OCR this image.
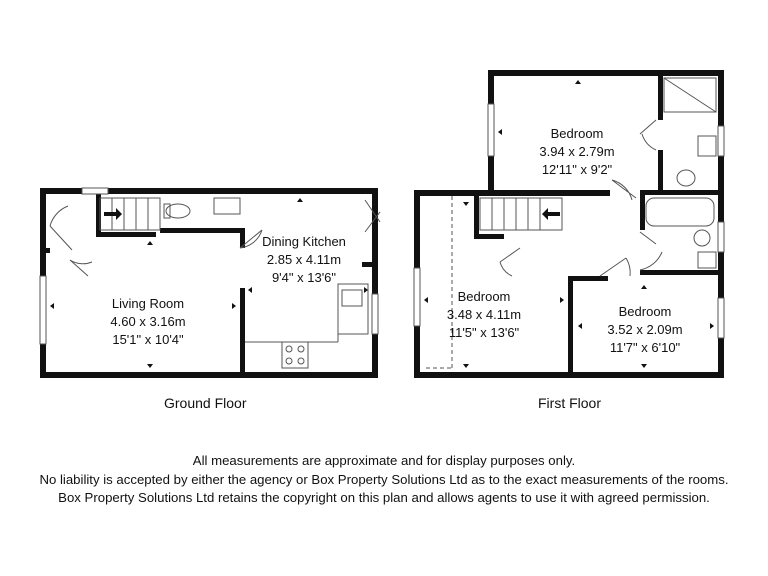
Living Room
4.60 x 3.16m
15'1" x 10'4"
Dining Kitchen
2.85 x 4.11m
9'4" x 13'6"
Bedroom
3.94 x 2.79m
12'11" x 9'2"
Bedroom
3.48 x 4.11m
11'5" x 13'6"
Bedroom
3.52 x 2.09m
11'7" x 6'10"
Ground Floor	First Floor
All measurements are approximate and for display purposes only.
No liability is accepted by either the agency or Box Property Solutions Ltd as to the exact measurements of the rooms.
Box Property Solutions Ltd retains the copyright on this plan and allows agents to use it with agreed permission.
